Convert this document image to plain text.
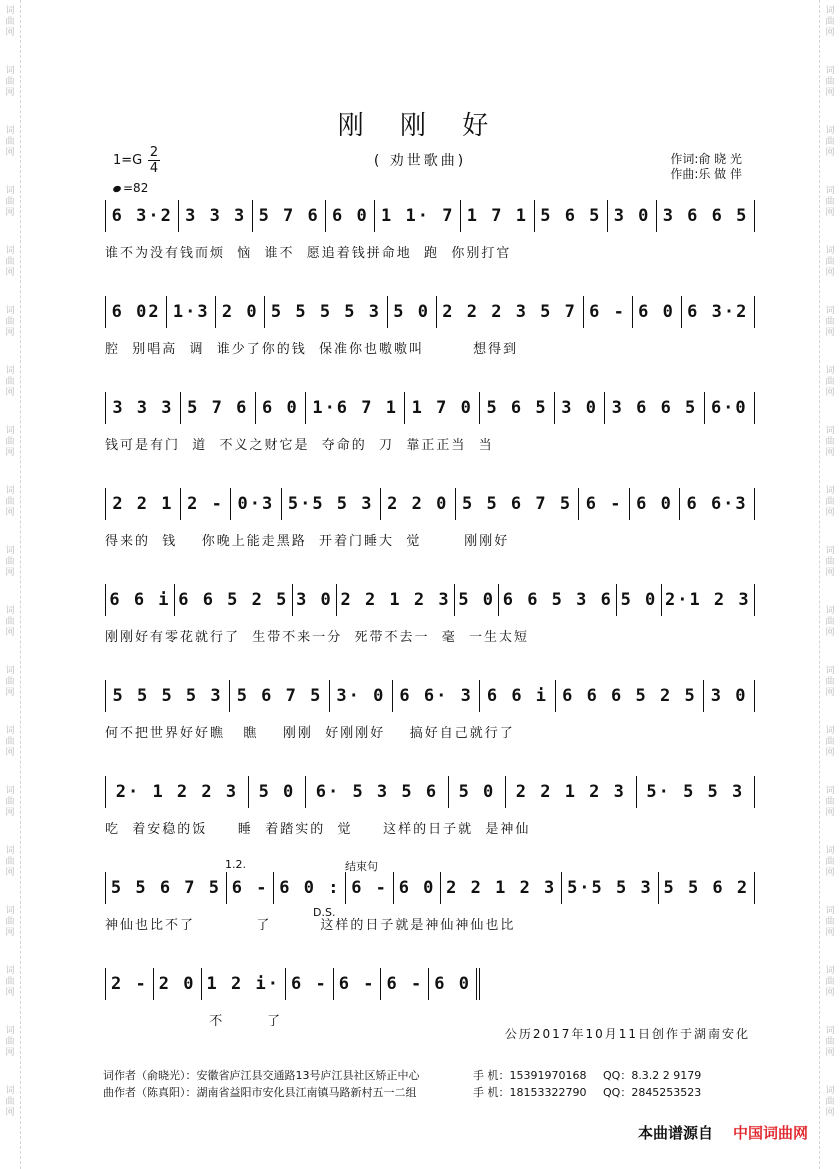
词
曲
网
词
曲
网
词
曲
网
词
曲
网
词
曲
网
词
曲
网
词
曲
网
词
曲
网
词
曲
网
词
曲
网
词
曲
网
词
曲
网
词
曲
网
词
曲
网
词
曲
网
词
曲
网
词
曲
网
词
曲
网
词
曲
网
词
曲
网
词
曲
网
词
曲
网
词
曲
网
词
曲
网
词
曲
网
词
曲
网
词
曲
网
词
曲
网
词
曲
网
词
曲
网
词
曲
网
词
曲
网
词
曲
网
词
曲
网
词
曲
网
词
曲
网
词
曲
网
词
曲
网
刚 刚 好
( 劝世歌曲)
1=G
2
4
=82
作词:俞 晓 光
作曲:乐 做 伴
6 3·2 3 3 3 5 7 6 6 0 1 1· 7 1 7 1 5 6 5 3 0 3 6 6 5
谁不为没有钱而烦  恼  谁不  愿追着钱拼命地  跑  你别打官
6 02 1·3 2 0 5 5 5 5 3 5 0 2 2 2 3 5 7 6 - 6 0 6 3·2
腔  别唱高  调  谁少了你的钱  保准你也嗷嗷叫        想得到
3 3 3 5 7 6 6 0 1·6 7 1 1 7 0 5 6 5 3 0 3 6 6 5 6·0
钱可是有门  道  不义之财它是  夺命的  刀  靠正正当  当
2 2 1 2 - 0·3 5·5 5 3 2 2 0 5 5 6 7 5 6 - 6 0 6 6·3
得来的  钱    你晚上能走黑路  开着门睡大  觉       刚刚好
6 6 i 6 6 5 2 5 3 0 2 2 1 2 3 5 0 6 6 5 3 6 5 0 2·1 2 3
刚刚好有零花就行了  生带不来一分  死带不去一  毫  一生太短
5 5 5 5 3 5 6 7 5 3· 0 6 6· 3 6 6 i 6 6 6 5 2 5 3 0
何不把世界好好瞧   瞧    刚刚  好刚刚好    搞好自己就行了
2· 1 2 2 3	5 0	6· 5 3 5 6	5 0	2 2 1 2 3	5· 5 5 3
吃  着安稳的饭     睡  着踏实的  觉     这样的日子就  是神仙
5 5 6 7 5 6 - 6 0 : 6 - 6 0 2 2 1 2 3 5·5 5 3 5 5 6 2
神仙也比不了          了        这样的日子就是神仙神仙也比
1.2.	结束句
D.S.
2 - 2 0 1 2 i· 6 - 6 - 6 - 6 0
不       了
公历2017年10月11日创作于湖南安化

词作者（俞晓光）：安徽省庐江县交通路13号庐江县社区矫正中心	手 机：15391970168 QQ：8.3.2 2 9179

曲作者（陈真阳）：湖南省益阳市安化县江南镇马路新村五一二组	手 机：18153322790 QQ：2845253523

本曲谱源自 中国词曲网
